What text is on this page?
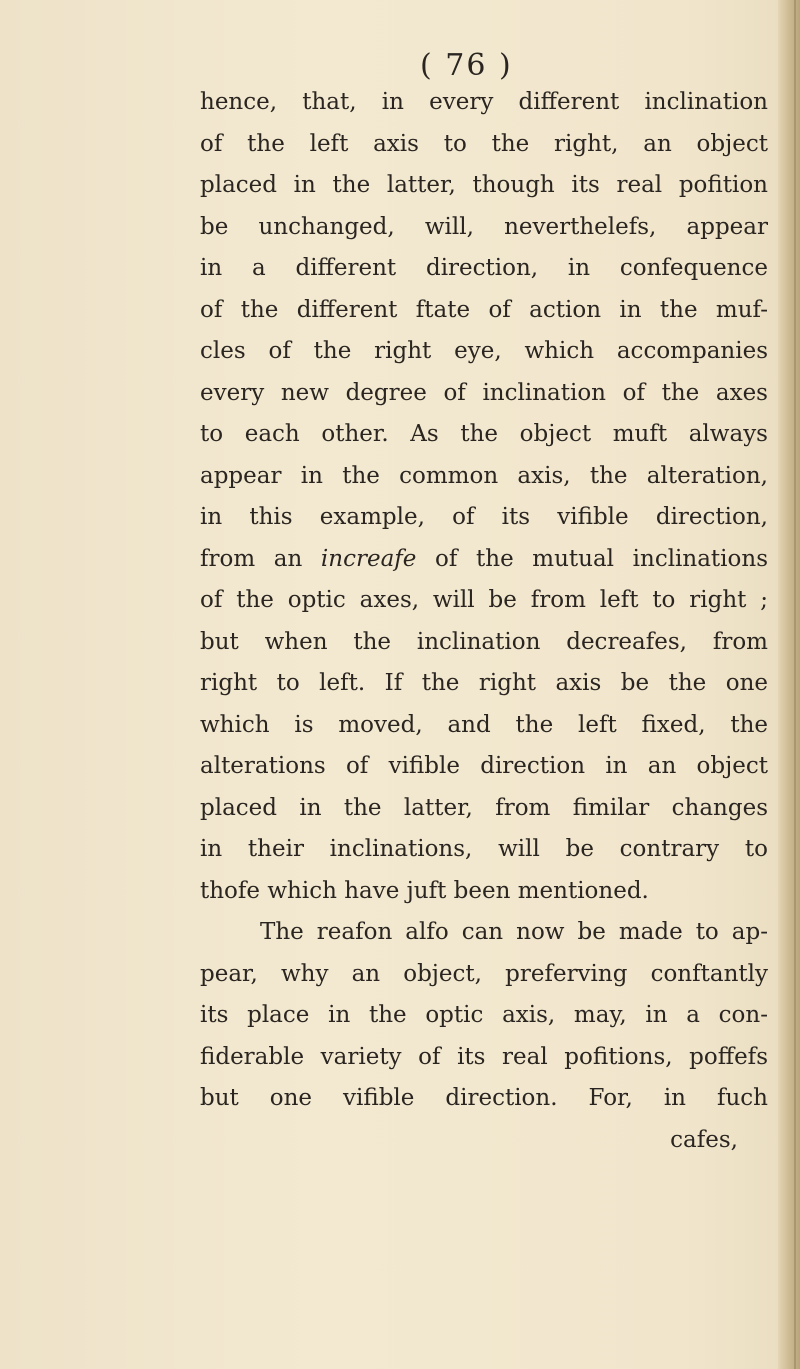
( 76 )
hence, that, in every different inclination
of the left axis to the right, an object
placed in the latter, though its real pofition
be unchanged, will, neverthelefs, appear
in a different direction, in confequence
of the different ftate of action in the muf-
cles of the right eye, which accompanies
every new degree of inclination of the axes
to each other. As the object muft always
appear in the common axis, the alteration,
in this example, of its vifible direction,
from an increafe of the mutual inclinations
of the optic axes, will be from left to right ;
but when the inclination decreafes, from
right to left. If the right axis be the one
which is moved, and the left fixed, the
alterations of vifible direction in an object
placed in the latter, from fimilar changes
in their inclinations, will be contrary to
thofe which have juft been mentioned.
The reafon alfo can now be made to ap-
pear, why an object, preferving conftantly
its place in the optic axis, may, in a con-
fiderable variety of its real pofitions, poffefs
but one vifible direction. For, in fuch
cafes,
